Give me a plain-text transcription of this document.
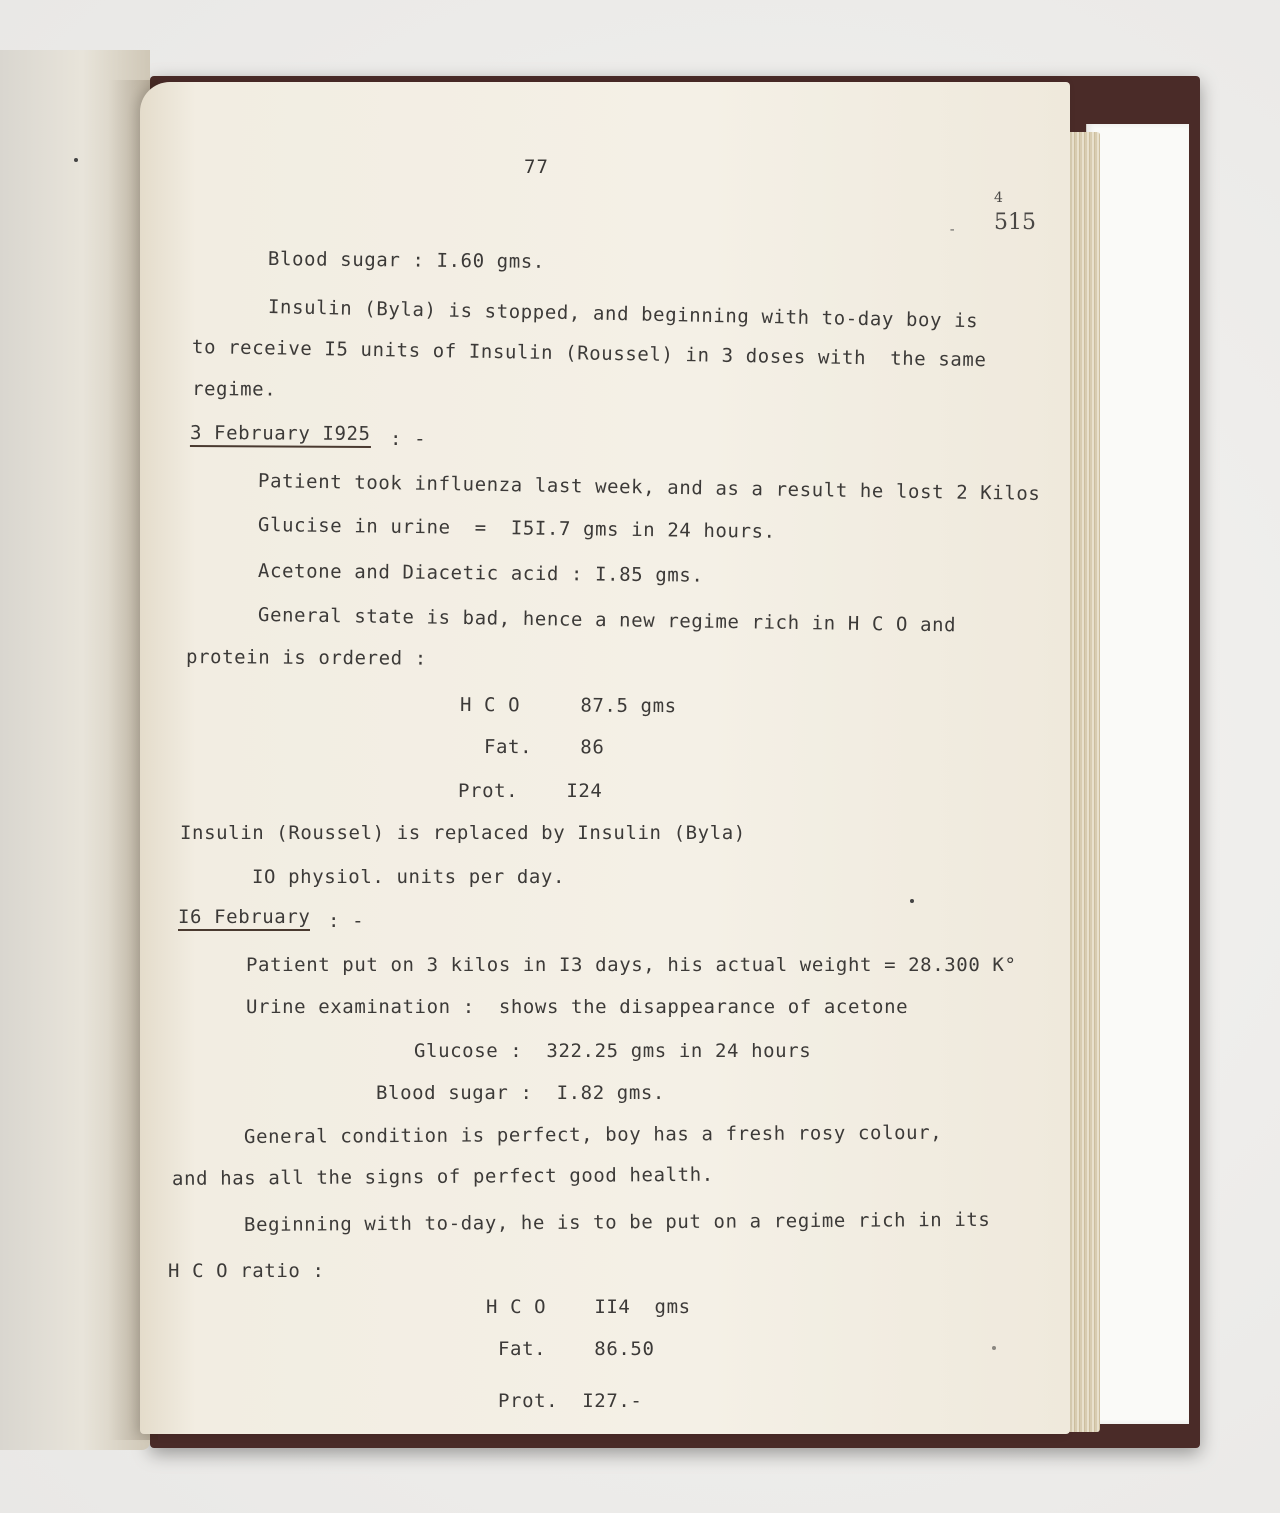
77
4
515
-
Blood sugar : I.60 gms.
Insulin (Byla) is stopped, and beginning with to-day boy is
to receive I5 units of Insulin (Roussel) in 3 doses with  the same
regime.
3 February I925 : -
Patient took influenza last week, and as a result he lost 2 Kilos
Glucise in urine  =  I5I.7 gms in 24 hours.
Acetone and Diacetic acid : I.85 gms.
General state is bad, hence a new regime rich in H C O and
protein is ordered :
H C O     87.5 gms
Fat.    86
Prot.    I24
Insulin (Roussel) is replaced by Insulin (Byla)
IO physiol. units per day.
I6 February : -
Patient put on 3 kilos in I3 days, his actual weight = 28.300 K°
Urine examination :  shows the disappearance of acetone
Glucose :  322.25 gms in 24 hours
Blood sugar :  I.82 gms.
General condition is perfect, boy has a fresh rosy colour,
and has all the signs of perfect good health.
Beginning with to-day, he is to be put on a regime rich in its
H C O ratio :
H C O    II4  gms
Fat.    86.50
Prot.  I27.-
